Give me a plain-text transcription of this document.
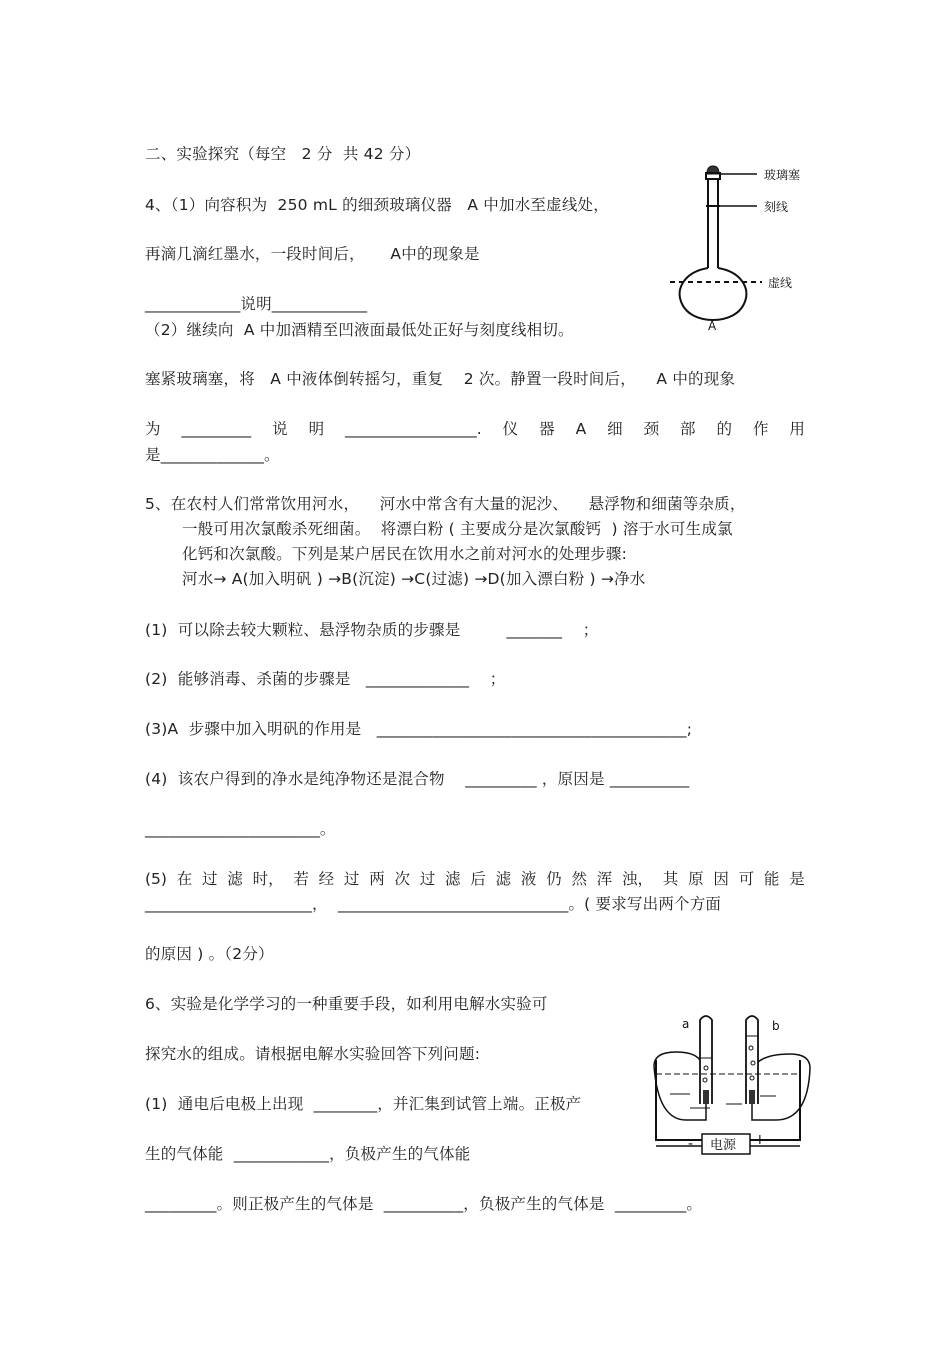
二、实验探究（每空   2 分  共 42 分）
4、（1）向容积为  250 mL 的细颈玻璃仪器   A 中加水至虚线处，
再滴几滴红墨水，一段时间后，     A中的现象是
____________说明____________
（2）继续向  A 中加酒精至凹液面最低处正好与刻度线相切。
塞紧玻璃塞，将   A 中液体倒转摇匀，重复    2 次。静置一段时间后，    A 中的现象
为 _________ 说 明 _________________. 仪 器 A 细 颈 部 的 作 用
是_____________。
玻璃塞
刻线
虚线
A
5、在农村人们常常饮用河水，    河水中常含有大量的泥沙、    悬浮物和细菌等杂质，
一般可用次氯酸杀死细菌。  将漂白粉 ( 主要成分是次氯酸钙  ) 溶于水可生成氯
化钙和次氯酸。下列是某户居民在饮用水之前对河水的处理步骤:
河水→ A(加入明矾 ) →B(沉淀) →C(过滤) →D(加入漂白粉 ) →净水
(1)  可以除去较大颗粒、悬浮物杂质的步骤是         _______    ；
(2)  能够消毒、杀菌的步骤是   _____________    ；
(3)A  步骤中加入明矾的作用是   _______________________________________;
(4)  该农户得到的净水是纯净物还是混合物    _________ ，原因是 __________
______________________。
(5) 在 过 滤 时， 若 经 过 两 次 过 滤 后 滤 液 仍 然 浑 浊， 其 原 因 可 能 是
_____________________，  _____________________________。( 要求写出两个方面
的原因 ) 。（2分）
6、实验是化学学习的一种重要手段，如利用电解水实验可
探究水的组成。请根据电解水实验回答下列问题:
(1)  通电后电极上出现  ________，并汇集到试管上端。正极产
生的气体能  ____________，负极产生的气体能
_________。则正极产生的气体是  __________，负极产生的气体是  _________。
电源
-	+
a	b
